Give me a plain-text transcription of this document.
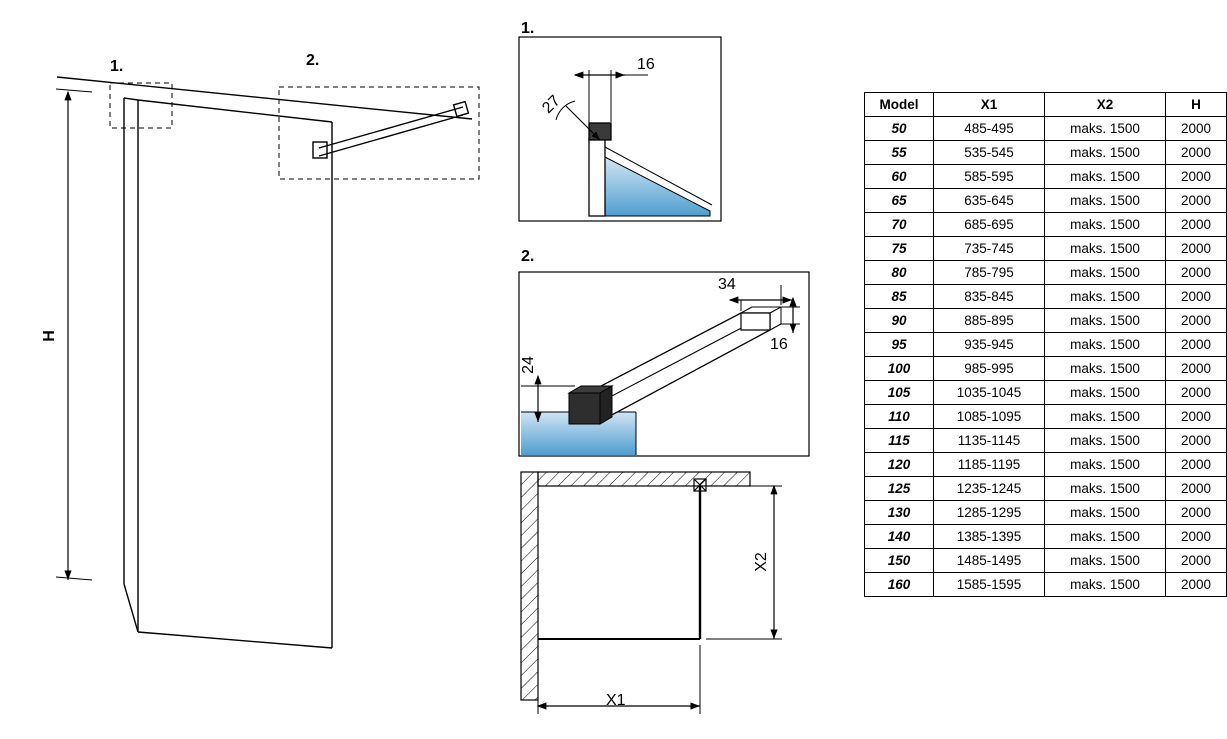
1.	2.
1.
2.
H
16
27
34
16
24
X2
X1
Model	X1	X2	H
50	485-495	maks. 1500	2000
55	535-545	maks. 1500	2000
60	585-595	maks. 1500	2000
65	635-645	maks. 1500	2000
70	685-695	maks. 1500	2000
75	735-745	maks. 1500	2000
80	785-795	maks. 1500	2000
85	835-845	maks. 1500	2000
90	885-895	maks. 1500	2000
95	935-945	maks. 1500	2000
100	985-995	maks. 1500	2000
105	1035-1045	maks. 1500	2000
110	1085-1095	maks. 1500	2000
115	1135-1145	maks. 1500	2000
120	1185-1195	maks. 1500	2000
125	1235-1245	maks. 1500	2000
130	1285-1295	maks. 1500	2000
140	1385-1395	maks. 1500	2000
150	1485-1495	maks. 1500	2000
160	1585-1595	maks. 1500	2000
